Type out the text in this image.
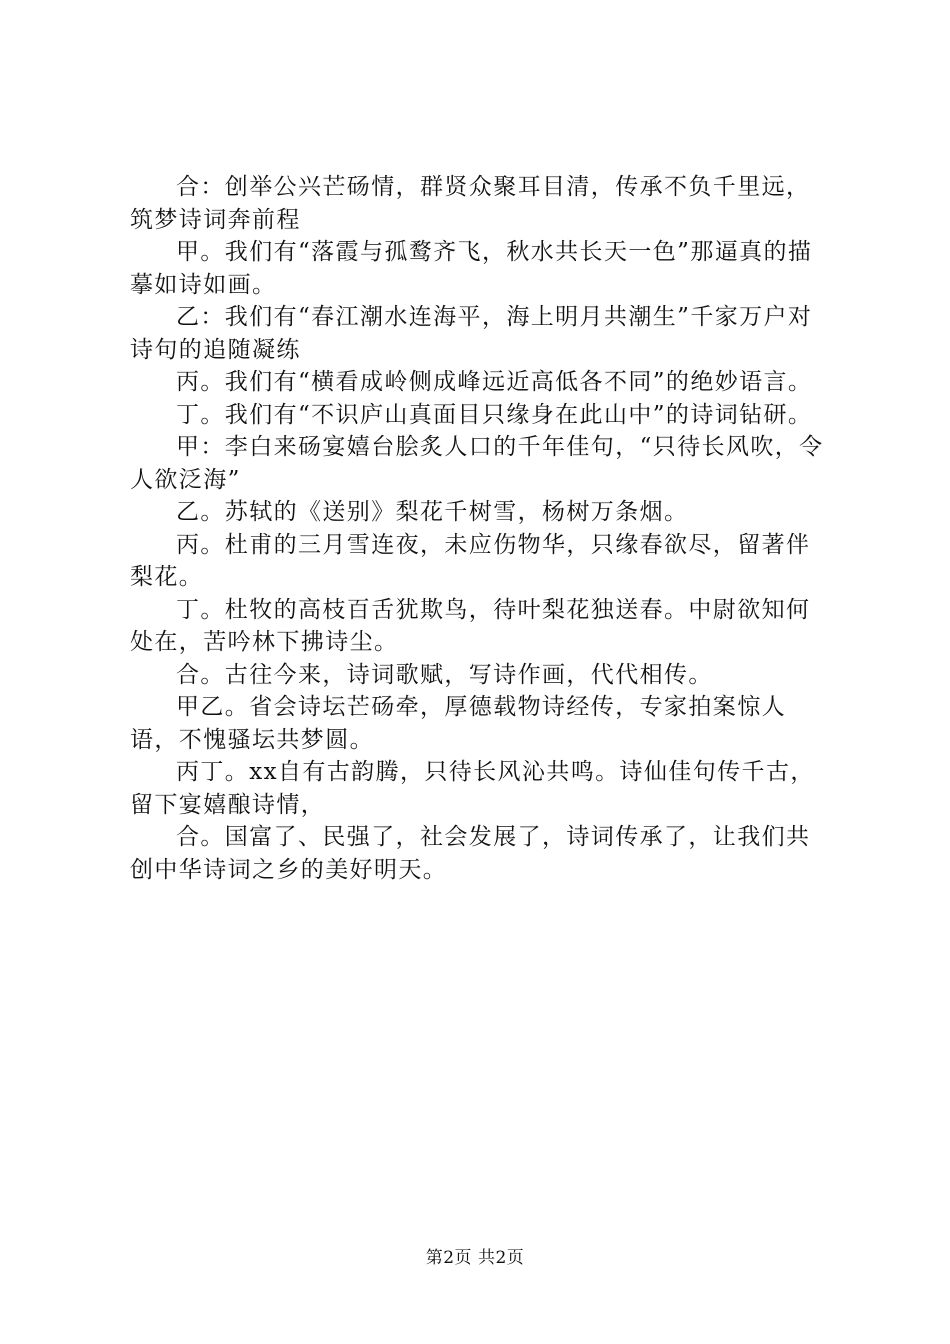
合：创举公兴芒砀情，群贤众聚耳目清，传承不负千里远，筑梦诗词奔前程

甲。我们有“落霞与孤鹜齐飞，秋水共长天一色”那逼真的描摹如诗如画。

乙：我们有“春江潮水连海平，海上明月共潮生”千家万户对诗句的追随凝练

丙。我们有“横看成岭侧成峰远近高低各不同”的绝妙语言。

丁。我们有“不识庐山真面目只缘身在此山中”的诗词钻研。

甲：李白来砀宴嬉台脍炙人口的千年佳句，“只待长风吹，令人欲泛海”

乙。苏轼的《送别》梨花千树雪，杨树万条烟。

丙。杜甫的三月雪连夜，未应伤物华，只缘春欲尽，留著伴梨花。

丁。杜牧的高枝百舌犹欺鸟，待叶梨花独送春。中尉欲知何处在，苦吟林下拂诗尘。

合。古往今来，诗词歌赋，写诗作画，代代相传。

甲乙。省会诗坛芒砀牵，厚德载物诗经传，专家拍案惊人语，不愧骚坛共梦圆。

丙丁。xx自有古韵腾，只待长风沁共鸣。诗仙佳句传千古，留下宴嬉酿诗情，

合。国富了、民强了，社会发展了，诗词传承了，让我们共创中华诗词之乡的美好明天。

第2页 共2页
